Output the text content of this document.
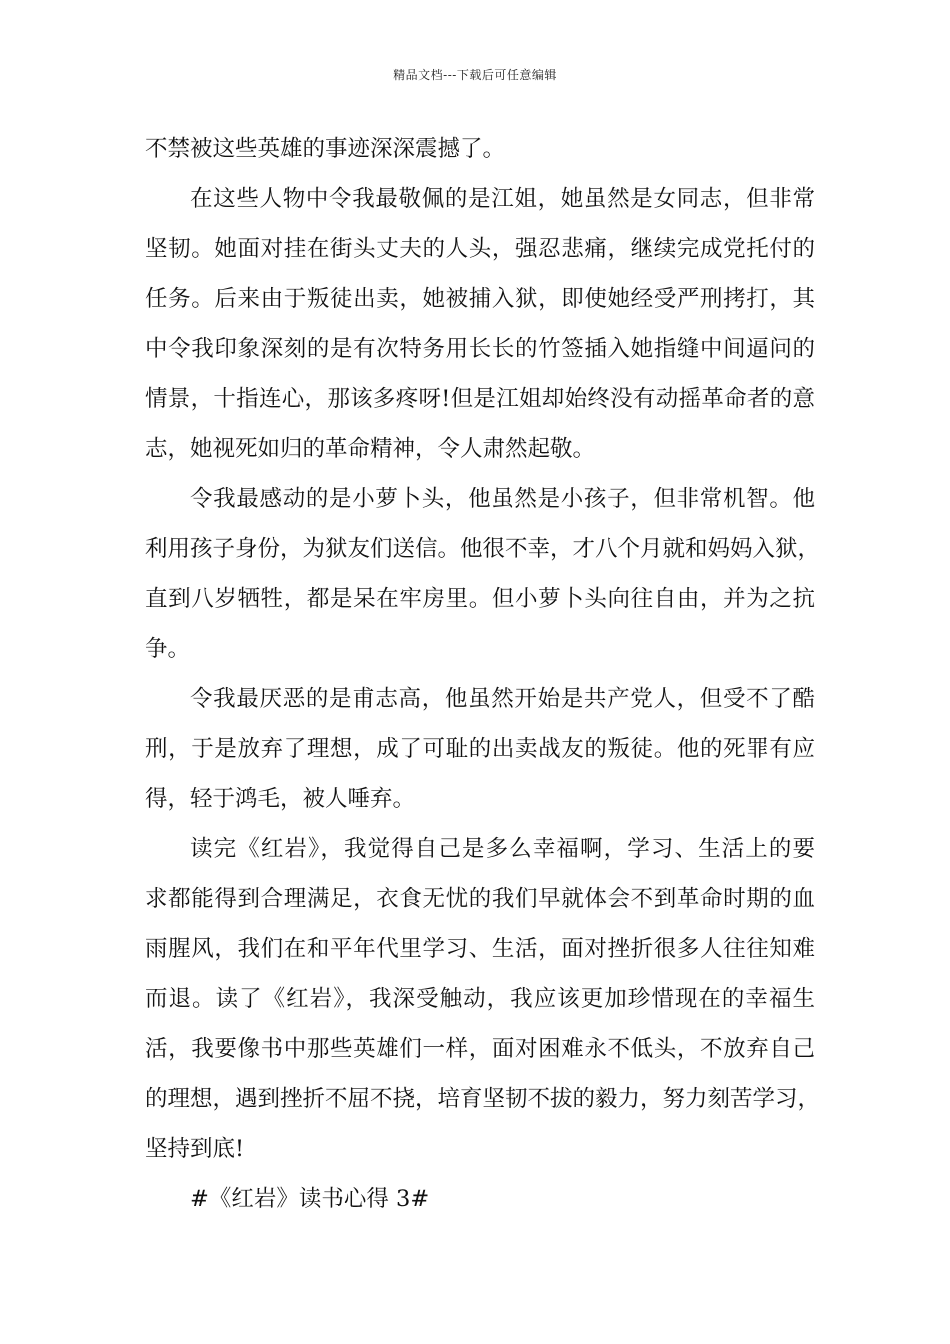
精品文档---下载后可任意编辑
不禁被这些英雄的事迹深深震撼了。
在这些人物中令我最敬佩的是江姐，她虽然是女同志，但非常
坚韧。她面对挂在街头丈夫的人头，强忍悲痛，继续完成党托付的
任务。后来由于叛徒出卖，她被捕入狱，即使她经受严刑拷打，其
中令我印象深刻的是有次特务用长长的竹签插入她指缝中间逼问的
情景，十指连心，那该多疼呀!但是江姐却始终没有动摇革命者的意
志，她视死如归的革命精神，令人肃然起敬。
令我最感动的是小萝卜头，他虽然是小孩子，但非常机智。他
利用孩子身份，为狱友们送信。他很不幸，才八个月就和妈妈入狱，
直到八岁牺牲，都是呆在牢房里。但小萝卜头向往自由，并为之抗
争。
令我最厌恶的是甫志高，他虽然开始是共产党人，但受不了酷
刑，于是放弃了理想，成了可耻的出卖战友的叛徒。他的死罪有应
得，轻于鸿毛，被人唾弃。
读完《红岩》，我觉得自己是多么幸福啊，学习、生活上的要
求都能得到合理满足，衣食无忧的我们早就体会不到革命时期的血
雨腥风，我们在和平年代里学习、生活，面对挫折很多人往往知难
而退。读了《红岩》，我深受触动，我应该更加珍惜现在的幸福生
活，我要像书中那些英雄们一样，面对困难永不低头，不放弃自己
的理想，遇到挫折不屈不挠，培育坚韧不拔的毅力，努力刻苦学习，
坚持到底!
#《红岩》读书心得 3#
